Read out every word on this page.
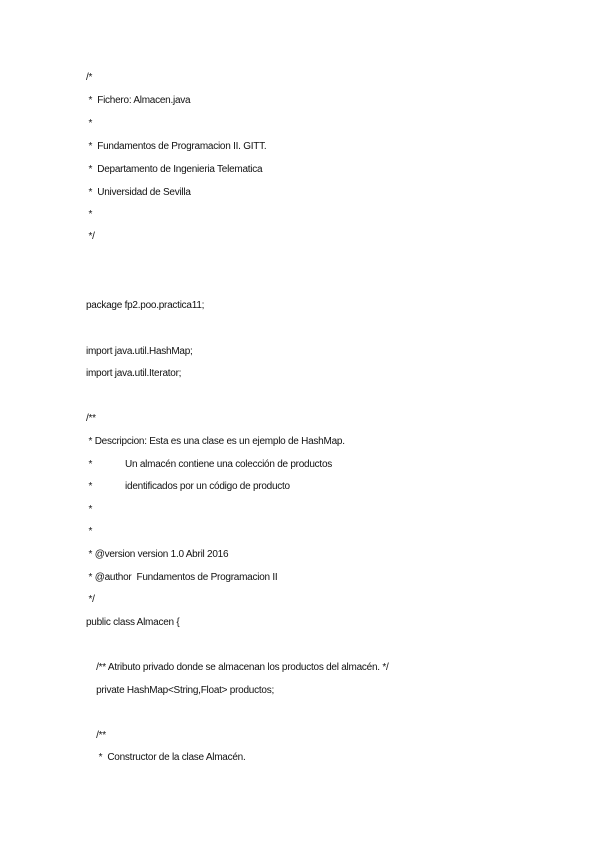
/*
*  Fichero: Almacen.java
*
*  Fundamentos de Programacion II. GITT.
*  Departamento de Ingenieria Telematica
*  Universidad de Sevilla
*
*/
package fp2.poo.practica11;
import java.util.HashMap;
import java.util.Iterator;
/**
* Descripcion: Esta es una clase es un ejemplo de HashMap.
*             Un almacén contiene una colección de productos
*             identificados por un código de producto
*
*
* @version version 1.0 Abril 2016
* @author  Fundamentos de Programacion II
*/
public class Almacen {
/** Atributo privado donde se almacenan los productos del almacén. */
private HashMap<String,Float> productos;
/**
*  Constructor de la clase Almacén.
